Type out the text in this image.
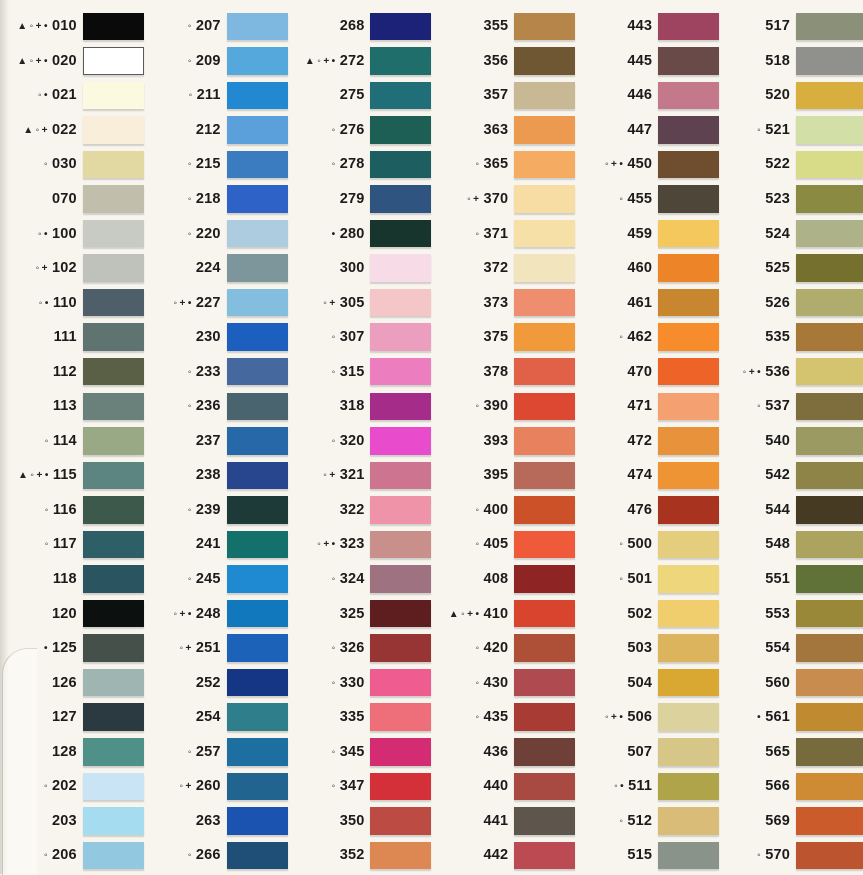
▲◦+• 010
▲◦+• 020
◦• 021
▲◦+ 022
◦ 030
070
◦• 100
◦+ 102
◦• 110
111
112
113
◦ 114
▲◦+• 115
◦ 116
◦ 117
118
120
• 125
126
127
128
◦ 202
203
◦ 206
◦ 207
◦ 209
◦ 211
212
◦ 215
◦ 218
◦ 220
224
◦+• 227
230
◦ 233
◦ 236
237
238
◦ 239
241
◦ 245
◦+• 248
◦+ 251
252
254
◦ 257
◦+ 260
263
◦ 266
268
▲◦+• 272
275
◦ 276
◦ 278
279
• 280
300
◦+ 305
◦ 307
◦ 315
318
◦ 320
◦+ 321
322
◦+• 323
◦ 324
325
◦ 326
◦ 330
335
◦ 345
◦ 347
350
352
355
356
357
363
◦ 365
◦+ 370
◦ 371
372
373
375
378
◦ 390
393
395
◦ 400
◦ 405
408
▲◦+• 410
◦ 420
◦ 430
◦ 435
436
440
441
442
443
445
446
447
◦+• 450
◦ 455
459
460
461
◦ 462
470
471
472
474
476
◦ 500
◦ 501
502
503
504
◦+• 506
507
◦• 511
◦ 512
515
517
518
520
◦ 521
522
523
524
525
526
535
◦+• 536
◦ 537
540
542
544
548
551
553
554
560
• 561
565
566
569
◦ 570
